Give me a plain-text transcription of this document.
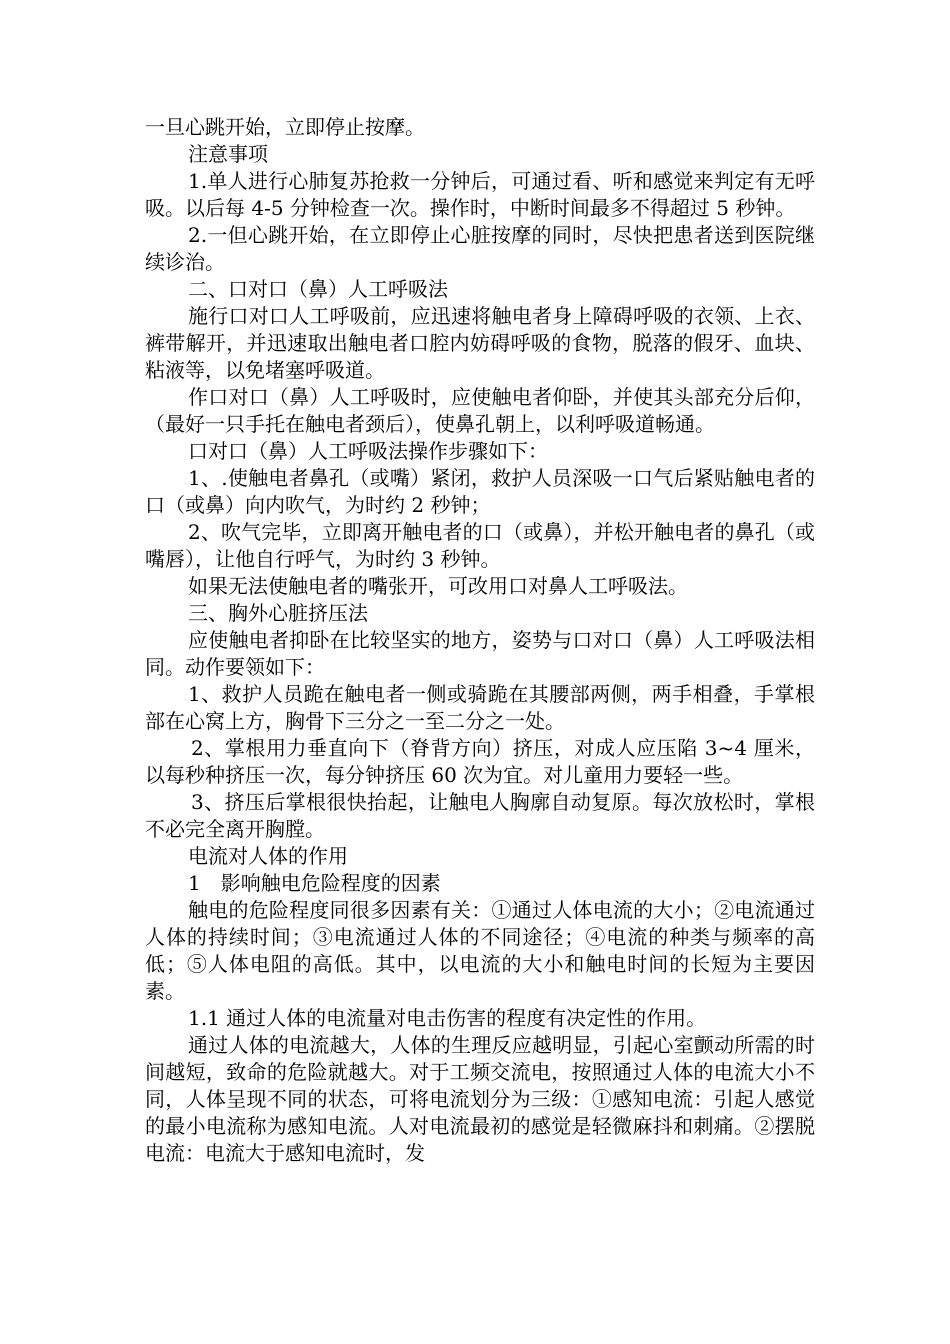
一旦心跳开始，立即停止按摩。

注意事项

1.单人进行心肺复苏抢救一分钟后，可通过看、听和感觉来判定有无呼吸。以后每 4-5 分钟检查一次。操作时，中断时间最多不得超过 5 秒钟。

2.一但心跳开始，在立即停止心脏按摩的同时，尽快把患者送到医院继续诊治。

二、口对口（鼻）人工呼吸法

施行口对口人工呼吸前，应迅速将触电者身上障碍呼吸的衣领、上衣、裤带解开，并迅速取出触电者口腔内妨碍呼吸的食物，脱落的假牙、血块、粘液等，以免堵塞呼吸道。

作口对口（鼻）人工呼吸时，应使触电者仰卧，并使其头部充分后仰，（最好一只手托在触电者颈后），使鼻孔朝上，以利呼吸道畅通。

口对口（鼻）人工呼吸法操作步骤如下：

1、.使触电者鼻孔（或嘴）紧闭，救护人员深吸一口气后紧贴触电者的口（或鼻）向内吹气，为时约 2 秒钟；

2、吹气完毕，立即离开触电者的口（或鼻），并松开触电者的鼻孔（或嘴唇），让他自行呼气，为时约 3 秒钟。

如果无法使触电者的嘴张开，可改用口对鼻人工呼吸法。

三、胸外心脏挤压法

应使触电者抑卧在比较坚实的地方，姿势与口对口（鼻）人工呼吸法相同。动作要领如下：

1、救护人员跪在触电者一侧或骑跪在其腰部两侧，两手相叠，手掌根部在心窝上方，胸骨下三分之一至二分之一处。

2、掌根用力垂直向下（脊背方向）挤压，对成人应压陷 3~4 厘米，以每秒种挤压一次，每分钟挤压 60 次为宜。对儿童用力要轻一些。

3、挤压后掌根很快抬起，让触电人胸廓自动复原。每次放松时，掌根不必完全离开胸膛。

电流对人体的作用

1　影响触电危险程度的因素

触电的危险程度同很多因素有关：①通过人体电流的大小；②电流通过人体的持续时间；③电流通过人体的不同途径；④电流的种类与频率的高低；⑤人体电阻的高低。其中，以电流的大小和触电时间的长短为主要因素。

1.1 通过人体的电流量对电击伤害的程度有决定性的作用。

通过人体的电流越大，人体的生理反应越明显，引起心室颤动所需的时间越短，致命的危险就越大。对于工频交流电，按照通过人体的电流大小不同，人体呈现不同的状态，可将电流划分为三级：①感知电流：引起人感觉的最小电流称为感知电流。人对电流最初的感觉是轻微麻抖和刺痛。②摆脱电流：电流大于感知电流时，发
